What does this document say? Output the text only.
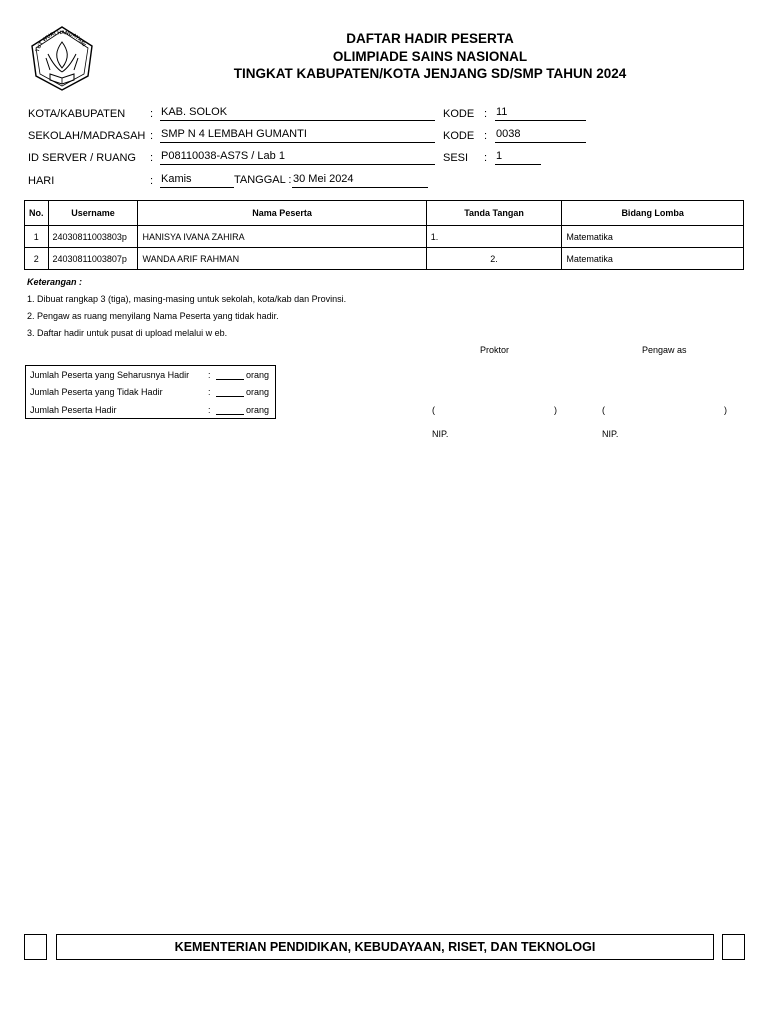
TUT WURI HANDAYANI	DAFTAR HADIR PESERTA
OLIMPIADE SAINS NASIONAL
TINGKAT KABUPATEN/KOTA JENJANG SD/SMP TAHUN 2024
KOTA/KABUPATEN : KAB. SOLOK	KODE : 11
SEKOLAH/MADRASAH : SMP N 4 LEMBAH GUMANTI	KODE : 0038
ID SERVER / RUANG : P08110038-AS7S / Lab 1	SESI : 1
HARI	: Kamis	TANGGAL : 30 Mei 2024
No.	Username	Nama Peserta	Tanda Tangan	Bidang Lomba
1	24030811003803p	HANISYA IVANA ZAHIRA	1.	Matematika
2	24030811003807p	WANDA ARIF RAHMAN	2.	Matematika
Keterangan :
1. Dibuat rangkap 3 (tiga), masing-masing untuk sekolah, kota/kab dan Provinsi.
2. Pengaw as ruang menyilang Nama Peserta yang tidak hadir.
3. Daftar hadir untuk pusat di upload melalui w eb.
Jumlah Peserta yang Seharusnya Hadir :	orang
Jumlah Peserta yang Tidak Hadir	:	orang
Jumlah Peserta Hadir	:	orang
Proktor	Pengaw as
(	)	(	)
NIP.	NIP.
KEMENTERIAN PENDIDIKAN, KEBUDAYAAN, RISET, DAN TEKNOLOGI
